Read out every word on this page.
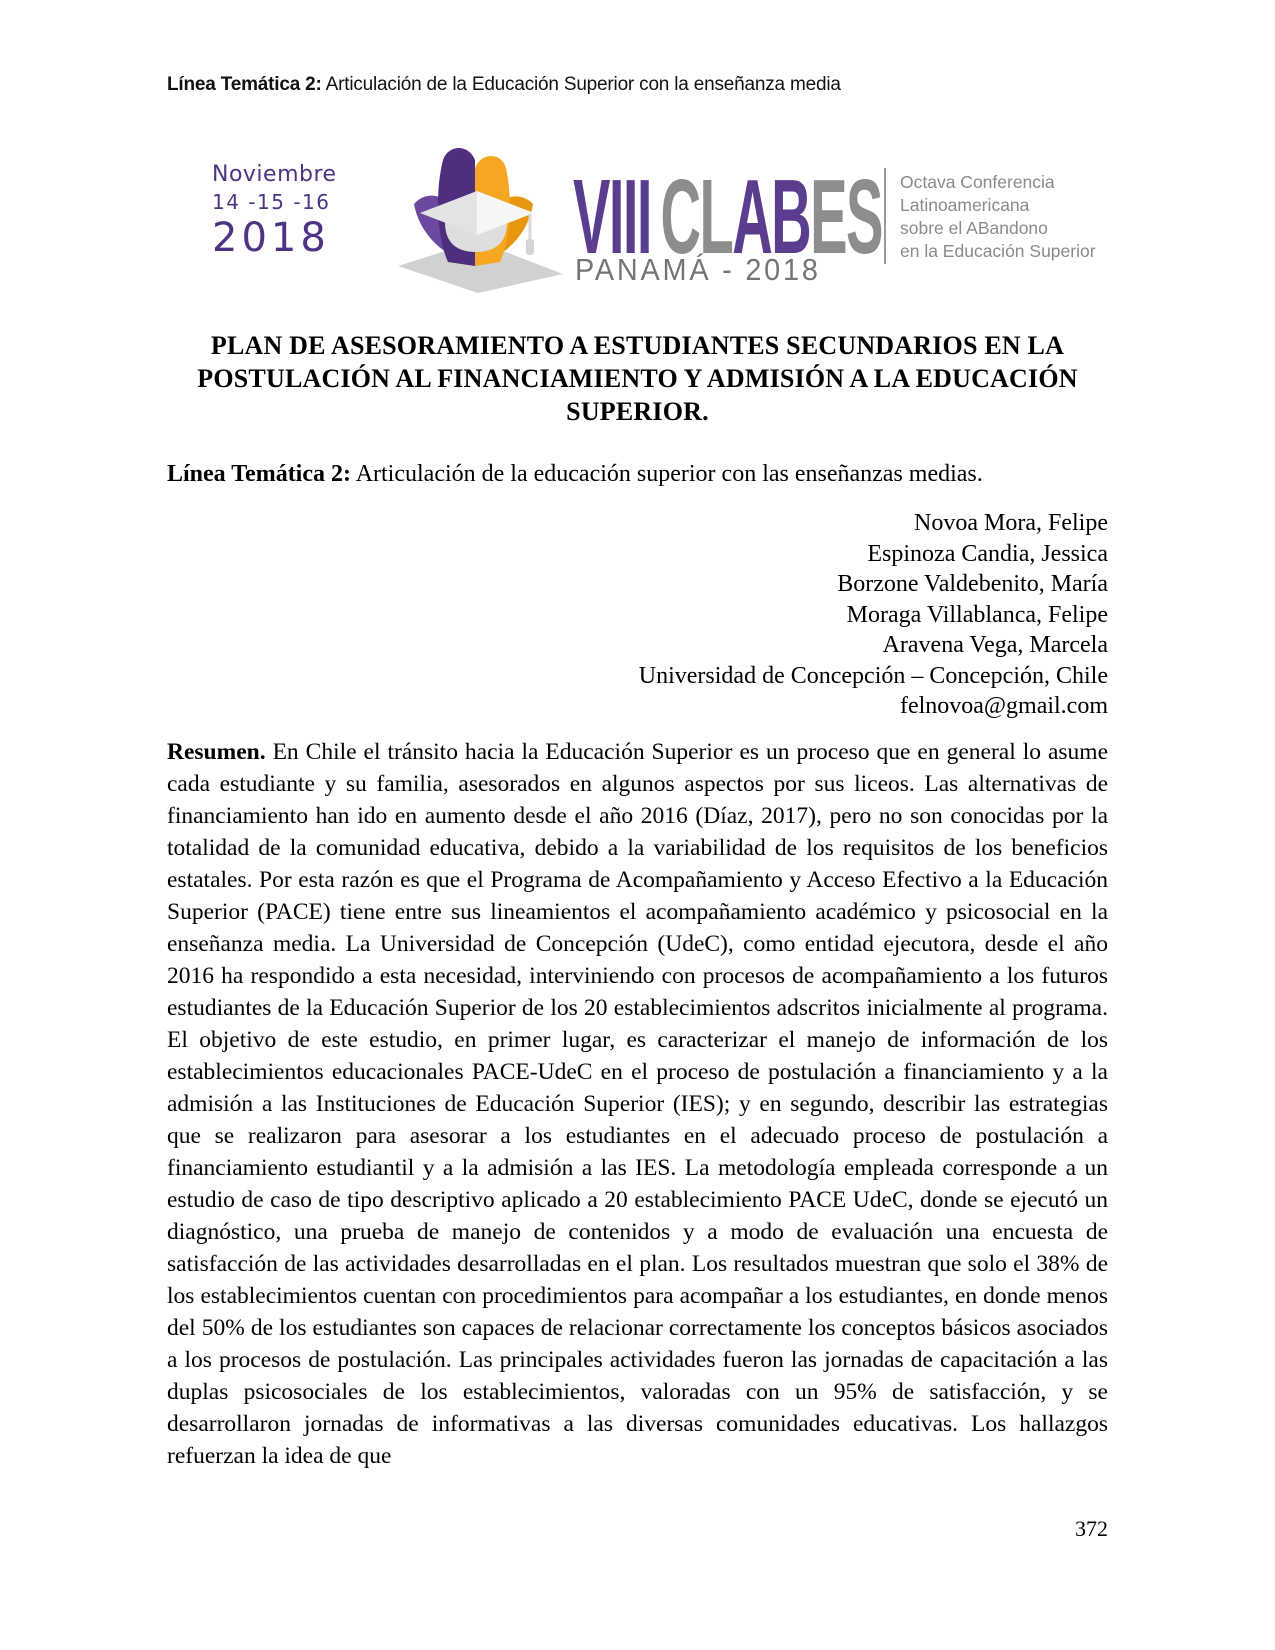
Línea Temática 2: Articulación de la Educación Superior con la enseñanza media
Noviembre
14 -15 -16
2018 VIIICLABES
PANAMÁ - 2018
Octava Conferencia
Latinoamericana
sobre el ABandono
en la Educación Superior
PLAN DE ASESORAMIENTO A ESTUDIANTES SECUNDARIOS EN LA
POSTULACIÓN AL FINANCIAMIENTO Y ADMISIÓN A LA EDUCACIÓN
SUPERIOR.
Línea Temática 2: Articulación de la educación superior con las enseñanzas medias.
Novoa Mora, Felipe
Espinoza Candia, Jessica
Borzone Valdebenito, María
Moraga Villablanca, Felipe
Aravena Vega, Marcela
Universidad de Concepción – Concepción, Chile
felnovoa@gmail.com
Resumen. En Chile el tránsito hacia la Educación Superior es un proceso que en general lo asume cada estudiante y su familia, asesorados en algunos aspectos por sus liceos. Las alternativas de financiamiento han ido en aumento desde el año 2016 (Díaz, 2017), pero no son conocidas por la totalidad de la comunidad educativa, debido a la variabilidad de los requisitos de los beneficios estatales. Por esta razón es que el Programa de Acompañamiento y Acceso Efectivo a la Educación Superior (PACE) tiene entre sus lineamientos el acompañamiento académico y psicosocial en la enseñanza media. La Universidad de Concepción (UdeC), como entidad ejecutora, desde el año 2016 ha respondido a esta necesidad, interviniendo con procesos de acompañamiento a los futuros estudiantes de la Educación Superior de los 20 establecimientos adscritos inicialmente al programa. El objetivo de este estudio, en primer lugar, es caracterizar el manejo de información de los establecimientos educacionales PACE-UdeC en el proceso de postulación a financiamiento y a la admisión a las Instituciones de Educación Superior (IES); y en segundo, describir las estrategias que se realizaron para asesorar a los estudiantes en el adecuado proceso de postulación a financiamiento estudiantil y a la admisión a las IES. La metodología empleada corresponde a un estudio de caso de tipo descriptivo aplicado a 20 establecimiento PACE UdeC, donde se ejecutó un diagnóstico, una prueba de manejo de contenidos y a modo de evaluación una encuesta de satisfacción de las actividades desarrolladas en el plan. Los resultados muestran que solo el 38% de los establecimientos cuentan con procedimientos para acompañar a los estudiantes, en donde menos del 50% de los estudiantes son capaces de relacionar correctamente los conceptos básicos asociados a los procesos de postulación. Las principales actividades fueron las jornadas de capacitación a las duplas psicosociales de los establecimientos, valoradas con un 95% de satisfacción, y se desarrollaron jornadas de informativas a las diversas comunidades educativas. Los hallazgos refuerzan la idea de que
372
